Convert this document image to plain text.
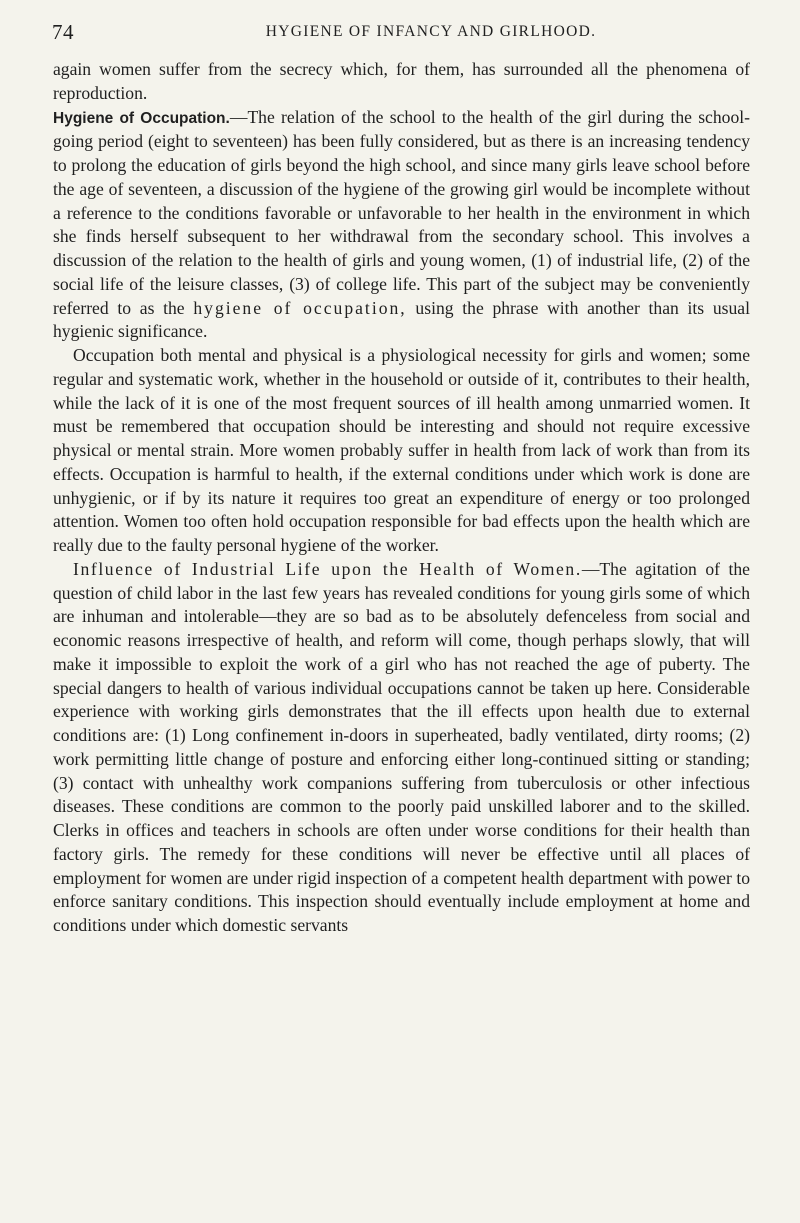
74	HYGIENE OF INFANCY AND GIRLHOOD.

again women suffer from the secrecy which, for them, has surrounded all the phenomena of reproduction.

Hygiene of Occupation.—The relation of the school to the health of the girl during the school-going period (eight to seventeen) has been fully considered, but as there is an increasing tendency to prolong the education of girls beyond the high school, and since many girls leave school before the age of seventeen, a discussion of the hygiene of the growing girl would be incomplete without a reference to the conditions favorable or unfavorable to her health in the environment in which she finds herself subsequent to her withdrawal from the secondary school. This involves a discussion of the relation to the health of girls and young women, (1) of industrial life, (2) of the social life of the leisure classes, (3) of college life. This part of the subject may be conveniently referred to as the hygiene of occupation, using the phrase with another than its usual hygienic significance.

Occupation both mental and physical is a physiological necessity for girls and women; some regular and systematic work, whether in the household or outside of it, contributes to their health, while the lack of it is one of the most frequent sources of ill health among unmarried women. It must be remembered that occupation should be interesting and should not require excessive physical or mental strain. More women probably suffer in health from lack of work than from its effects. Occupation is harmful to health, if the external conditions under which work is done are unhygienic, or if by its nature it requires too great an expenditure of energy or too prolonged attention. Women too often hold occupation responsible for bad effects upon the health which are really due to the faulty personal hygiene of the worker.

Influence of Industrial Life upon the Health of Women.—The agitation of the question of child labor in the last few years has revealed conditions for young girls some of which are inhuman and intolerable—they are so bad as to be absolutely defenceless from social and economic reasons irrespective of health, and reform will come, though perhaps slowly, that will make it impossible to exploit the work of a girl who has not reached the age of puberty. The special dangers to health of various individual occupations cannot be taken up here. Considerable experience with working girls demonstrates that the ill effects upon health due to external conditions are: (1) Long confinement in-doors in superheated, badly ventilated, dirty rooms; (2) work permitting little change of posture and enforcing either long-continued sitting or standing; (3) contact with unhealthy work companions suffering from tuberculosis or other infectious diseases. These conditions are common to the poorly paid unskilled laborer and to the skilled. Clerks in offices and teachers in schools are often under worse conditions for their health than factory girls. The remedy for these conditions will never be effective until all places of employment for women are under rigid inspection of a competent health department with power to enforce sanitary conditions. This inspection should eventually include employment at home and conditions under which domestic servants
